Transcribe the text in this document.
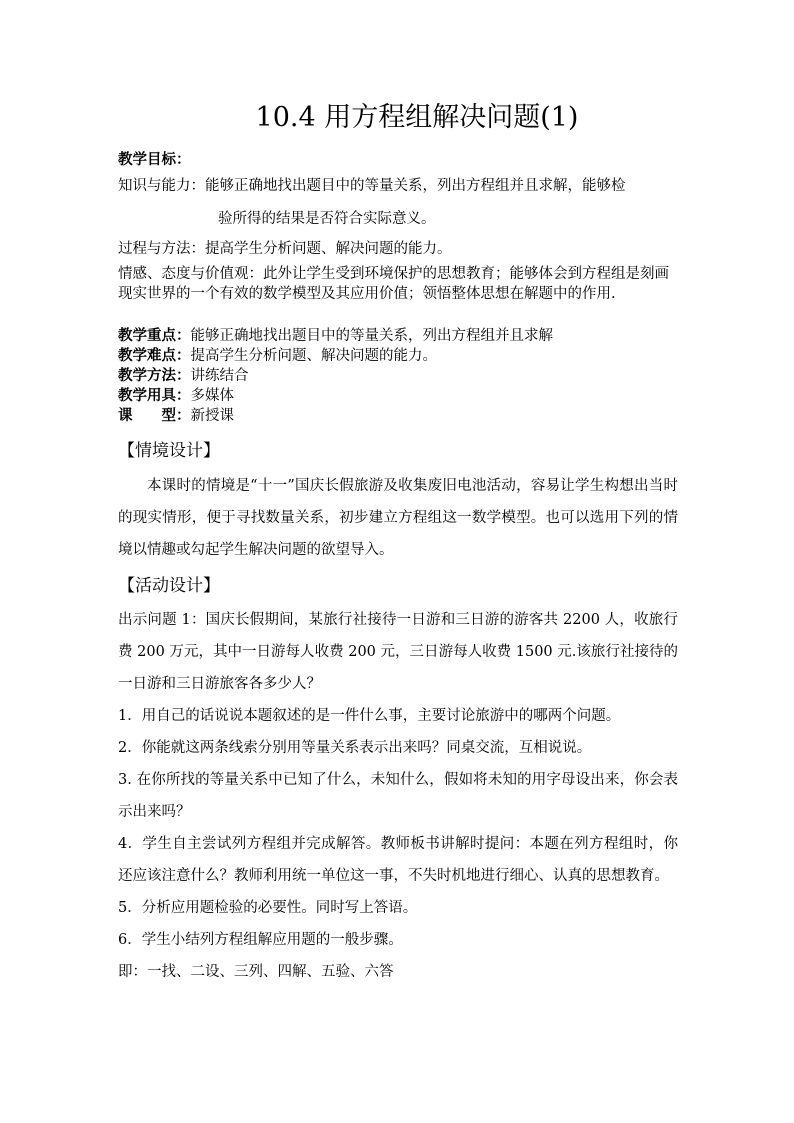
10.4 用方程组解决问题(1)
教学目标：

知识与能力：能够正确地找出题目中的等量关系，列出方程组并且求解，能够检

验所得的结果是否符合实际意义。

过程与方法：提高学生分析问题、解决问题的能力。
情感、态度与价值观：此外让学生受到环境保护的思想教育；能够体会到方程组是刻画现实世界的一个有效的数学模型及其应用价值；领悟整体思想在解题中的作用.

教学重点：能够正确地找出题目中的等量关系，列出方程组并且求解

教学难点：提高学生分析问题、解决问题的能力。

教学方法：讲练结合

教学用具：多媒体

课　　型：新授课

【情境设计】
本课时的情境是“十一”国庆长假旅游及收集废旧电池活动，容易让学生构想出当时的现实情形，便于寻找数量关系，初步建立方程组这一数学模型。也可以选用下列的情境以情趣或勾起学生解决问题的欲望导入。
【活动设计】

出示问题 1：国庆长假期间，某旅行社接待一日游和三日游的游客共 2200 人，收旅行费 200 万元，其中一日游每人收费 200 元，三日游每人收费 1500 元.该旅行社接待的一日游和三日游旅客各多少人？

1．用自己的话说说本题叙述的是一件什么事，主要讨论旅游中的哪两个问题。

2．你能就这两条线索分别用等量关系表示出来吗？同桌交流，互相说说。

3. 在你所找的等量关系中已知了什么，未知什么，假如将未知的用字母设出来，你会表示出来吗？

4．学生自主尝试列方程组并完成解答。教师板书讲解时提问：本题在列方程组时，你还应该注意什么？教师利用统一单位这一事，不失时机地进行细心、认真的思想教育。

5．分析应用题检验的必要性。同时写上答语。

6．学生小结列方程组解应用题的一般步骤。

即：一找、二设、三列、四解、五验、六答
